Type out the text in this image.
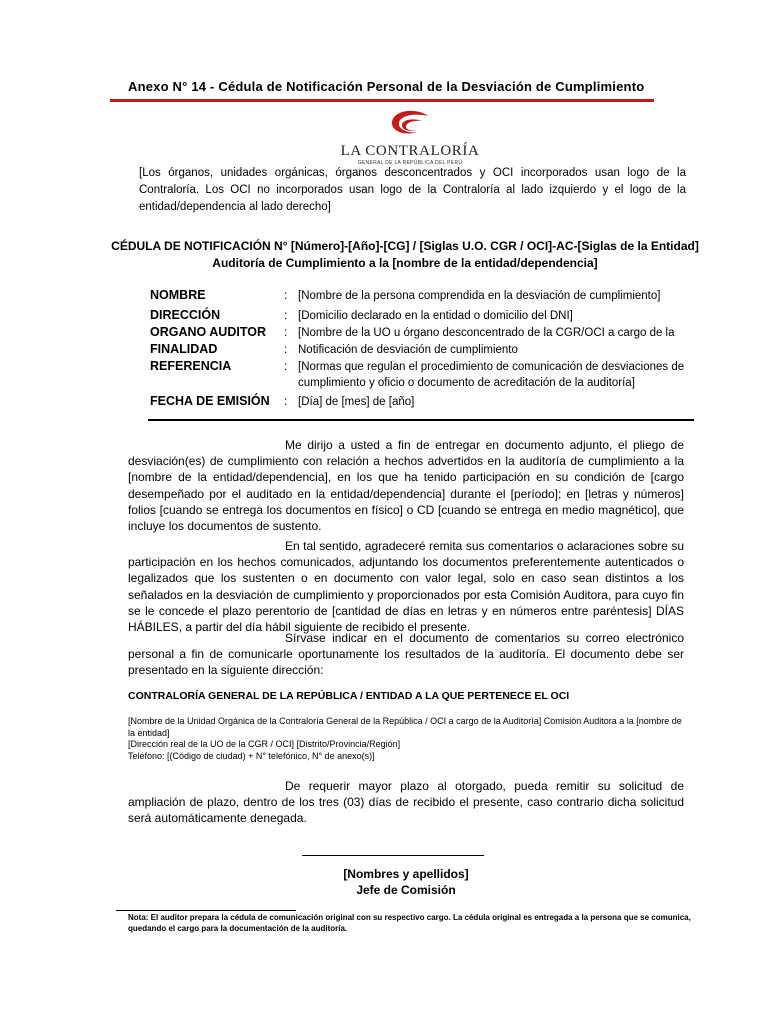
Anexo N° 14 - Cédula de Notificación Personal de la Desviación de Cumplimiento
LA CONTRALORÍA
GENERAL DE LA REPÚBLICA DEL PERÚ
[Los órganos, unidades orgánicas, órganos desconcentrados y OCI incorporados usan logo de la Contraloría. Los OCI no incorporados usan logo de la Contraloría al lado izquierdo y el logo de la entidad/dependencia al lado derecho]
CÉDULA DE NOTIFICACIÓN N° [Número]-[Año]-[CG] / [Siglas U.O. CGR / OCI]-AC-[Siglas de la Entidad]
Auditoría de Cumplimiento a la [nombre de la entidad/dependencia]
NOMBRE	: [Nombre de la persona comprendida en la desviación de cumplimiento]
DIRECCIÓN	: [Domicilio declarado en la entidad o domicilio del DNI]
ORGANO AUDITOR	: [Nombre de la UO u órgano desconcentrado de la CGR/OCI a cargo de la
FINALIDAD	: Notificación de desviación de cumplimiento
REFERENCIA	: [Normas que regulan el procedimiento de comunicación de desviaciones de cumplimiento y oficio o documento de acreditación de la auditoría]
FECHA DE EMISIÓN	: [Día] de [mes] de [año]
Me dirijo a usted a fin de entregar en documento adjunto, el pliego de desviación(es) de cumplimiento con relación a hechos advertidos en la auditoría de cumplimiento a la [nombre de la entidad/dependencia], en los que ha tenido participación en su condición de [cargo desempeñado por el auditado en la entidad/dependencia] durante el [período]; en [letras y números] folios [cuando se entrega los documentos en físico] o CD [cuando se entrega en medio magnético], que incluye los documentos de sustento.
En tal sentido, agradeceré remita sus comentarios o aclaraciones sobre su participación en los hechos comunicados, adjuntando los documentos preferentemente autenticados o legalizados que los sustenten o en documento con valor legal, solo en caso sean distintos a los señalados en la desviación de cumplimiento y proporcionados por esta Comisión Auditora, para cuyo fin se le concede el plazo perentorio de [cantidad de días en letras y en números entre paréntesis] DÍAS HÁBILES, a partir del día hábil siguiente de recibido el presente.
Sírvase indicar en el documento de comentarios su correo electrónico personal a fin de comunicarle oportunamente los resultados de la auditoría. El documento debe ser presentado en la siguiente dirección:
CONTRALORÍA GENERAL DE LA REPÚBLICA / ENTIDAD A LA QUE PERTENECE EL OCI
[Nombre de la Unidad Orgánica de la Contraloría General de la República / OCI a cargo de la Auditoría] Comisión Auditora a la [nombre de la entidad]
[Dirección real de la UO de la CGR / OCI] [Distrito/Provincia/Región]
Teléfono: [(Código de ciudad) + N° telefónico, N° de anexo(s)]
De requerir mayor plazo al otorgado, pueda remitir su solicitud de ampliación de plazo, dentro de los tres (03) días de recibido el presente, caso contrario dicha solicitud será automáticamente denegada.
[Nombres y apellidos]
Jefe de Comisión
Nota: El auditor prepara la cédula de comunicación original con su respectivo cargo. La cédula original es entregada a la persona que se comunica, quedando el cargo para la documentación de la auditoría.
